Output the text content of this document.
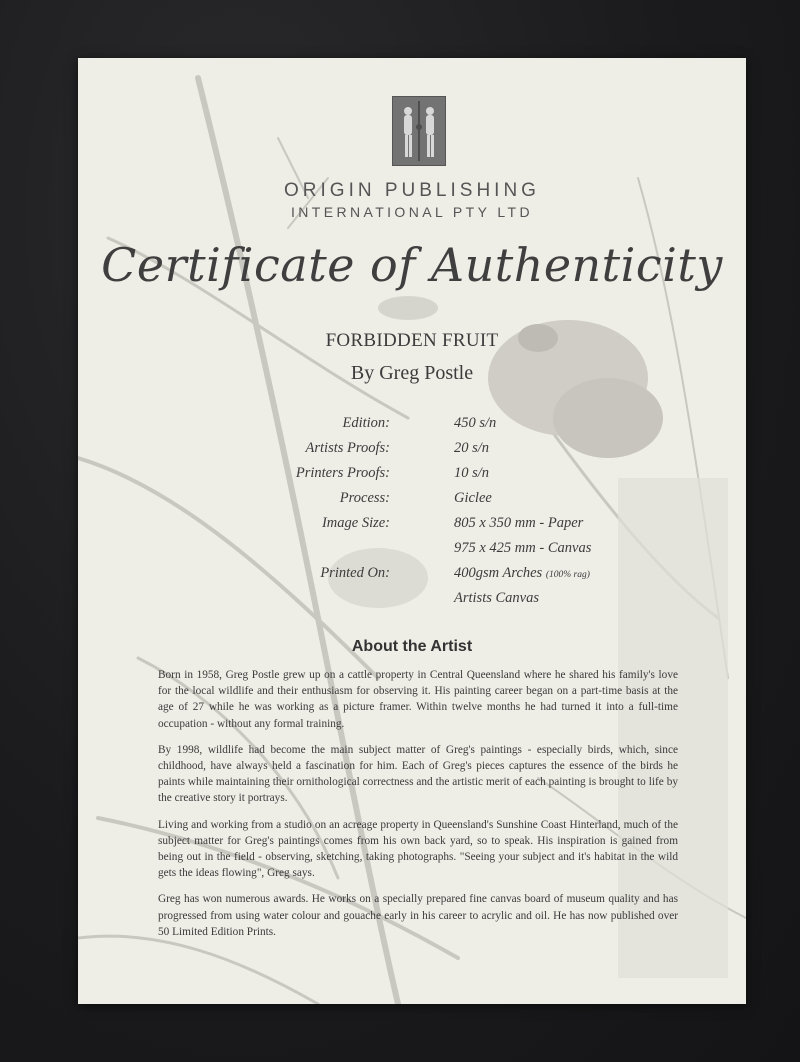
ORIGIN PUBLISHING
INTERNATIONAL PTY LTD
Certificate of Authenticity
FORBIDDEN FRUIT
By Greg Postle
Edition:	450 s/n
Artists Proofs:	20 s/n
Printers Proofs:	10 s/n
Process:	Giclee
Image Size:	805 x 350 mm - Paper
975 x 425 mm - Canvas
Printed On:	400gsm Arches (100% rag)
Artists Canvas
About the Artist

Born in 1958, Greg Postle grew up on a cattle property in Central Queensland where he shared his family's love for the local wildlife and their enthusiasm for observing it. His painting career began on a part-time basis at the age of 27 while he was working as a picture framer. Within twelve months he had turned it into a full-time occupation - without any formal training.

By 1998, wildlife had become the main subject matter of Greg's paintings - especially birds, which, since childhood, have always held a fascination for him. Each of Greg's pieces captures the essence of the birds he paints while maintaining their ornithological correctness and the artistic merit of each painting is brought to life by the creative story it portrays.

Living and working from a studio on an acreage property in Queensland's Sunshine Coast Hinterland, much of the subject matter for Greg's paintings comes from his own back yard, so to speak. His inspiration is gained from being out in the field - observing, sketching, taking photographs. "Seeing your subject and it's habitat in the wild gets the ideas flowing", Greg says.

Greg has won numerous awards. He works on a specially prepared fine canvas board of museum quality and has progressed from using water colour and gouache early in his career to acrylic and oil. He has now published over 50 Limited Edition Prints.
